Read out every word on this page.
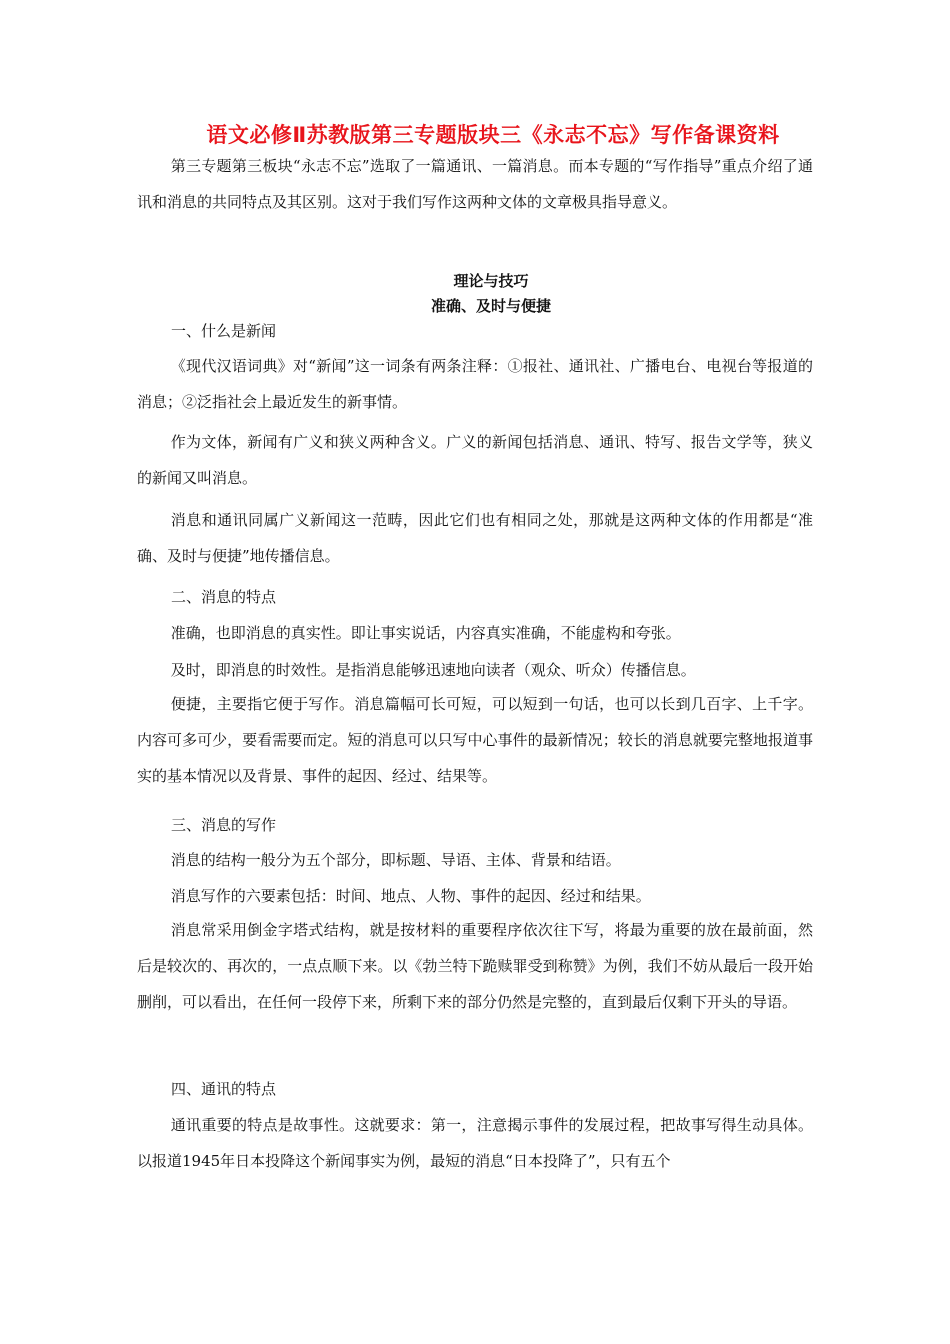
语文必修Ⅱ苏教版第三专题版块三《永志不忘》写作备课资料

第三专题第三板块“永志不忘”选取了一篇通讯、一篇消息。而本专题的“写作指导”重点介绍了通讯和消息的共同特点及其区别。这对于我们写作这两种文体的文章极具指导意义。

理论与技巧
准确、及时与便捷
一、什么是新闻

《现代汉语词典》对“新闻”这一词条有两条注释：①报社、通讯社、广播电台、电视台等报道的消息；②泛指社会上最近发生的新事情。

作为文体，新闻有广义和狭义两种含义。广义的新闻包括消息、通讯、特写、报告文学等，狭义的新闻又叫消息。

消息和通讯同属广义新闻这一范畴，因此它们也有相同之处，那就是这两种文体的作用都是“准确、及时与便捷”地传播信息。

二、消息的特点

准确，也即消息的真实性。即让事实说话，内容真实准确，不能虚构和夸张。

及时，即消息的时效性。是指消息能够迅速地向读者（观众、听众）传播信息。

便捷，主要指它便于写作。消息篇幅可长可短，可以短到一句话，也可以长到几百字、上千字。内容可多可少，要看需要而定。短的消息可以只写中心事件的最新情况；较长的消息就要完整地报道事实的基本情况以及背景、事件的起因、经过、结果等。

三、消息的写作

消息的结构一般分为五个部分，即标题、导语、主体、背景和结语。

消息写作的六要素包括：时间、地点、人物、事件的起因、经过和结果。

消息常采用倒金字塔式结构，就是按材料的重要程序依次往下写，将最为重要的放在最前面，然后是较次的、再次的，一点点顺下来。以《勃兰特下跪赎罪受到称赞》为例，我们不妨从最后一段开始删削，可以看出，在任何一段停下来，所剩下来的部分仍然是完整的，直到最后仅剩下开头的导语。

四、通讯的特点

通讯重要的特点是故事性。这就要求：第一，注意揭示事件的发展过程，把故事写得生动具体。以报道1945年日本投降这个新闻事实为例，最短的消息“日本投降了”，只有五个
